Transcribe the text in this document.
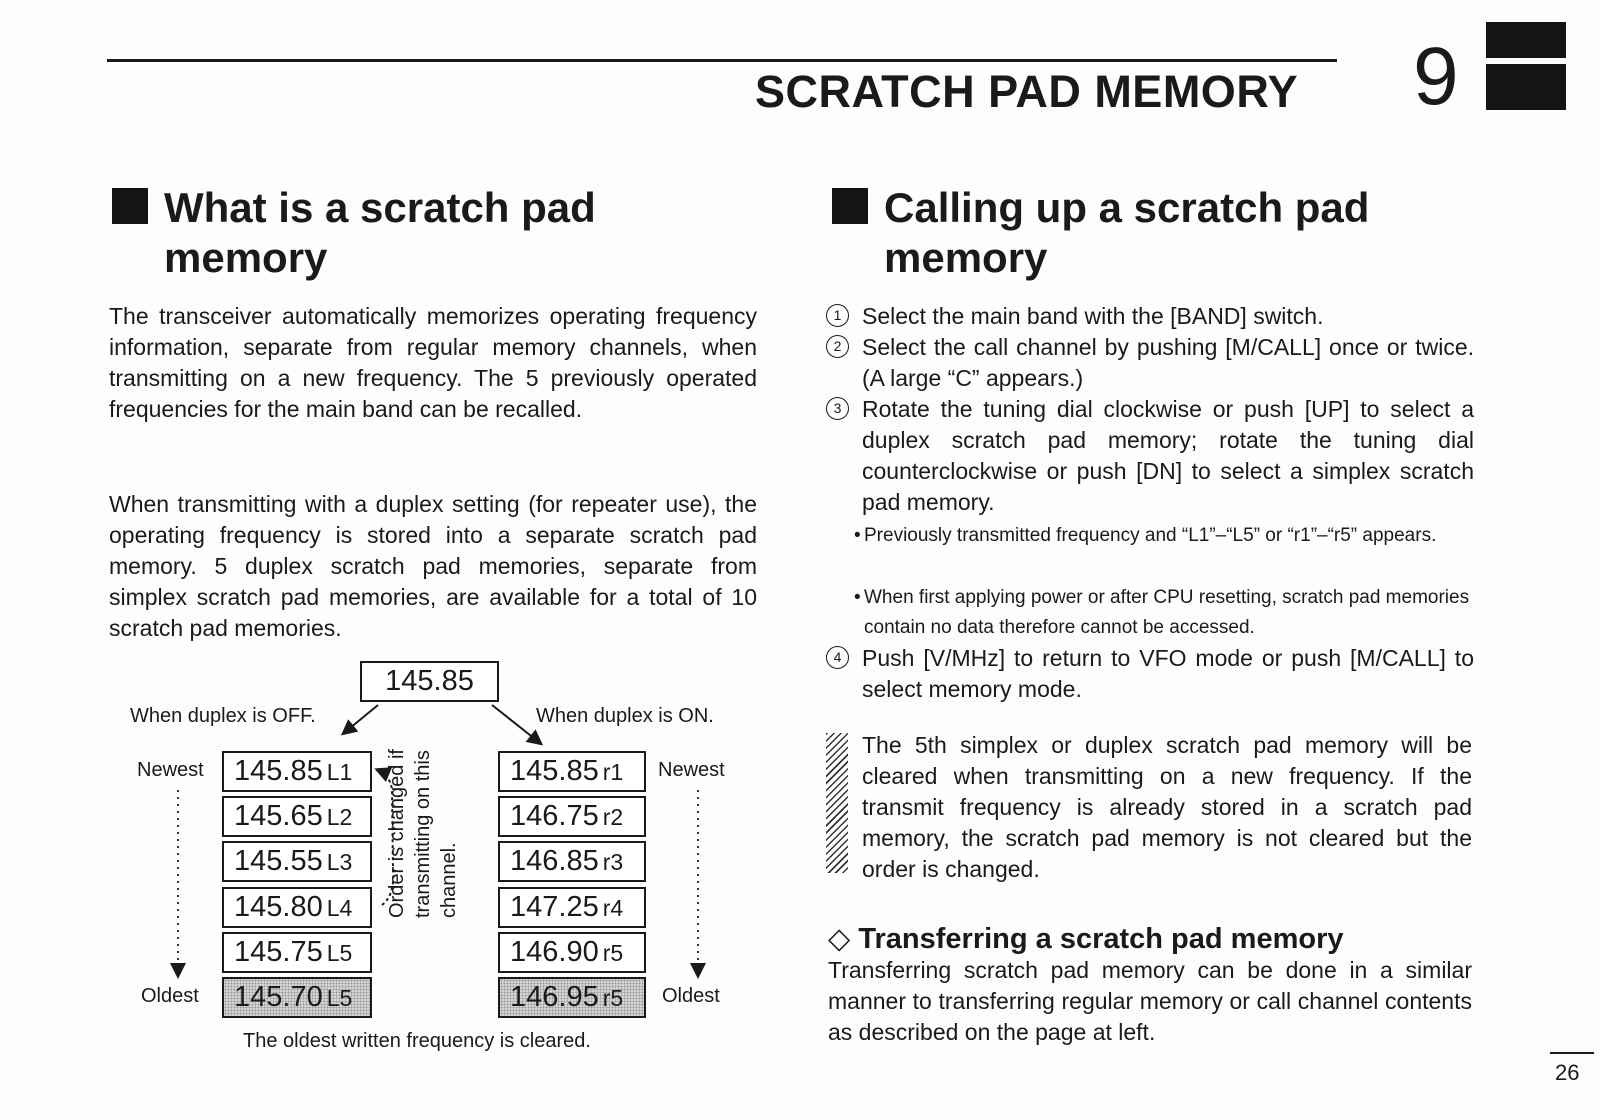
SCRATCH PAD MEMORY 9
What is a scratch pad
memory
The transceiver automatically memorizes operating frequency information, separate from regular memory channels, when transmitting on a new frequency. The 5 previously operated frequencies for the main band can be recalled.
When transmitting with a duplex setting (for repeater use), the operating frequency is stored into a separate scratch pad memory. 5 duplex scratch pad memories, separate from simplex scratch pad memories, are available for a total of 10 scratch pad memories.
145.85
When duplex is OFF.	When duplex is ON.
Newest	Newest
Oldest	Oldest
145.85 L1
145.65 L2
145.55 L3
145.80 L4
145.75 L5
145.70 L5
145.85 r1
146.75 r2
146.85 r3
147.25 r4
146.90 r5
146.95 r5
Order is changed if transmitting on this channel.
The oldest written frequency is cleared.
Calling up a scratch pad
memory
1 Select the main band with the [BAND] switch.
2 Select the call channel by pushing [M/CALL] once or twice. (A large “C” appears.)
3 Rotate the tuning dial clockwise or push [UP] to select a duplex scratch pad memory; rotate the tuning dial counterclockwise or push [DN] to select a simplex scratch pad memory.
• Previously transmitted frequency and “L1”–“L5” or “r1”–“r5” appears.
• When first applying power or after CPU resetting, scratch pad memories contain no data therefore cannot be accessed.
4 Push [V/MHz] to return to VFO mode or push [M/CALL] to select memory mode.
The 5th simplex or duplex scratch pad memory will be cleared when transmitting on a new frequency. If the transmit frequency is already stored in a scratch pad memory, the scratch pad memory is not cleared but the order is changed.
◇ Transferring a scratch pad memory
Transferring scratch pad memory can be done in a similar manner to transferring regular memory or call channel contents as described on the page at left.
26
